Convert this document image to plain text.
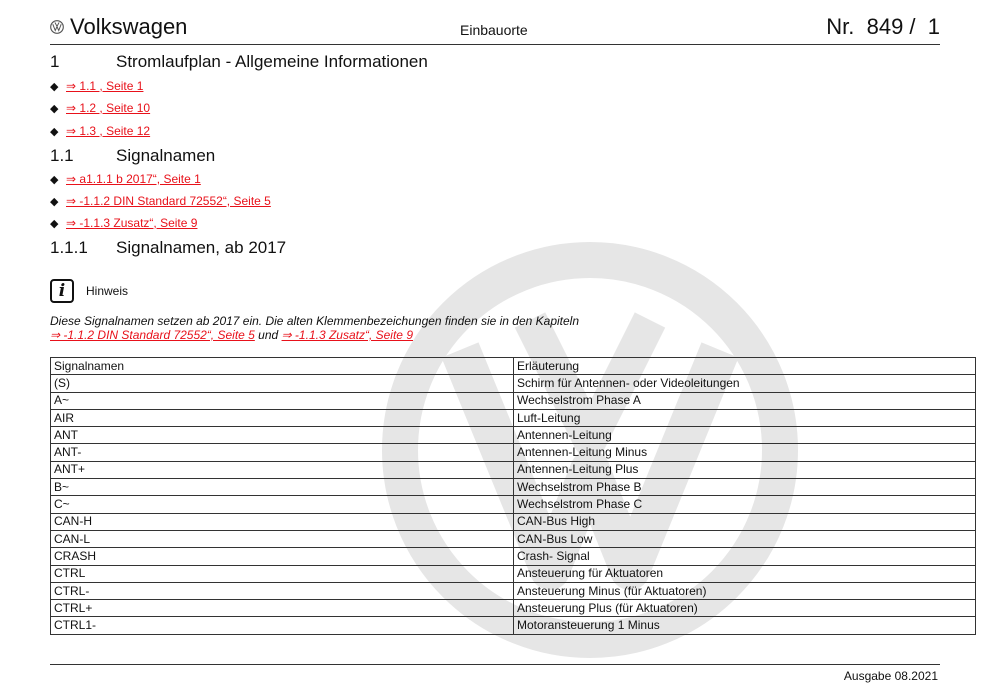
Volkswagen	Einbauorte	Nr.  849 /  1
1	Stromlaufplan - Allgemeine Informationen
◆ ⇒ 1.1 , Seite 1
◆ ⇒ 1.2 , Seite 10
◆ ⇒ 1.3 , Seite 12
1.1 Signalnamen
◆ ⇒ a1.1.1 b 2017“, Seite 1
◆ ⇒ -1.1.2 DIN Standard 72552“, Seite 5
◆ ⇒ -1.1.3 Zusatz“, Seite 9
1.1.1 Signalnamen, ab 2017
i	Hinweis
Diese Signalnamen setzen ab 2017 ein. Die alten Klemmenbezeichungen finden sie in den Kapiteln
⇒ -1.1.2 DIN Standard 72552“, Seite 5 und ⇒ -1.1.3 Zusatz“, Seite 9
Signalnamen	Erläuterung
(S)	Schirm für Antennen- oder Videoleitungen
A~	Wechselstrom Phase A
AIR	Luft-Leitung
ANT	Antennen-Leitung
ANT-	Antennen-Leitung Minus
ANT+	Antennen-Leitung Plus
B~	Wechselstrom Phase B
C~	Wechselstrom Phase C
CAN-H	CAN-Bus High
CAN-L	CAN-Bus Low
CRASH	Crash- Signal
CTRL	Ansteuerung für Aktuatoren
CTRL-	Ansteuerung Minus (für Aktuatoren)
CTRL+	Ansteuerung Plus (für Aktuatoren)
CTRL1-	Motoransteuerung 1 Minus
Ausgabe 08.2021
